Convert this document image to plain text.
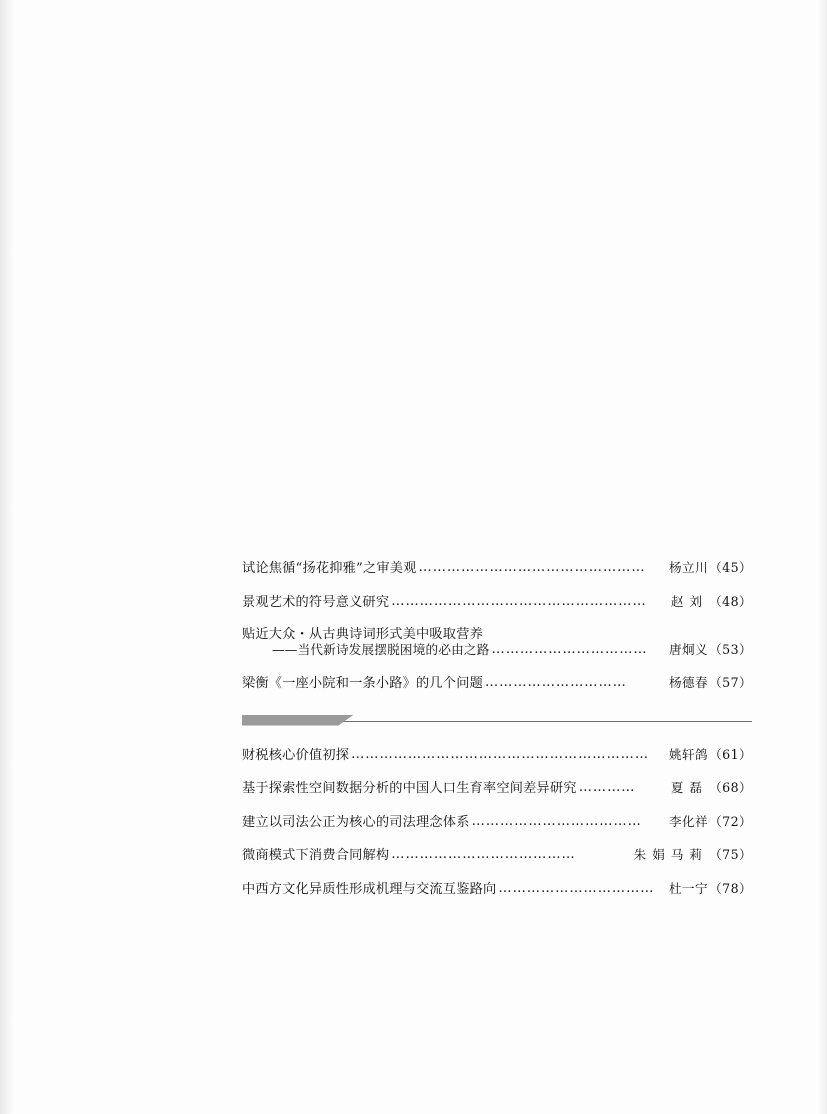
试论焦循“扬花抑雅”之审美观 …………………………………………	杨立川（45）
景观艺术的符号意义研究 ………………………………………………	赵刘（48）
贴近大众・从古典诗词形式美中吸取营养
——当代新诗发展摆脱困境的必由之路 ……………………………	唐炯义（53）
梁衡《一座小院和一条小路》的几个问题 …………………………	杨德春（57）
财税核心价值初探 ………………………………………………………	姚轩鸽（61）
基于探索性空间数据分析的中国人口生育率空间差异研究 …………	夏磊（68）
建立以司法公正为核心的司法理念体系 ………………………………	李化祥（72）
微商模式下消费合同解构 …………………………………	朱娟马莉（75）
中西方文化异质性形成机理与交流互鉴路向 ……………………………	杜一宁（78）
